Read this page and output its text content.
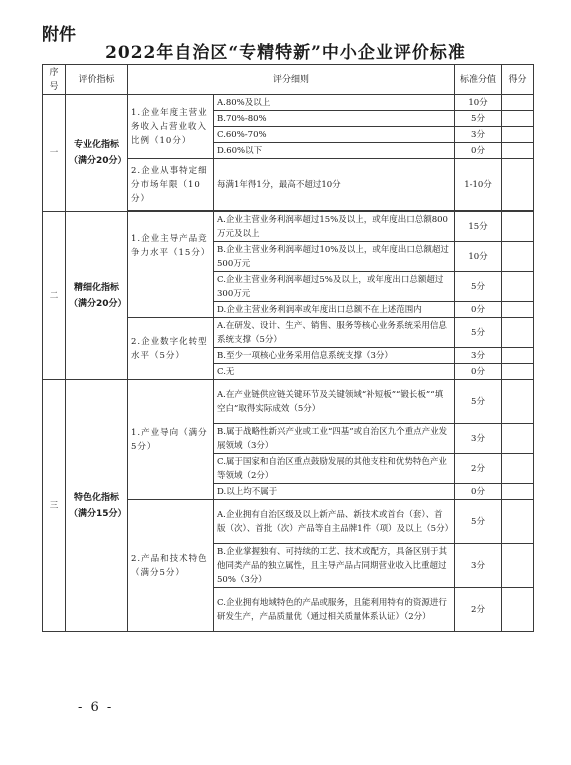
附件
2022年自治区“专精特新”中小企业评价标准
序号	评价指标	评分细则		标准分值	得分
一	专业化指标（满分20分）	1.企业年度主营业务收入占营业收入比例（10分）	A.80%及以上	10分	
			B.70%-80%	5分	
			C.60%-70%	3分	
			D.60%以下	0分	
		2.企业从事特定细分市场年限（10分）	每满1年得1分，最高不超过10分	1-10分	

二	精细化指标（满分20分）	1.企业主导产品竞争力水平（15分）	A.企业主营业务利润率超过15%及以上，或年度出口总额800万元及以上	15分	
			B.企业主营业务利润率超过10%及以上，或年度出口总额超过500万元	10分	
			C.企业主营业务利润率超过5%及以上，或年度出口总额超过300万元	5分	
			D.企业主营业务利润率或年度出口总额不在上述范围内	0分	
		2.企业数字化转型水平（5分）	A.在研发、设计、生产、销售、服务等核心业务系统采用信息系统支撑（5分）	5分	
			B.至少一项核心业务采用信息系统支撑（3分）	3分	
			C.无	0分	
三	特色化指标（满分15分）	1.产业导向（满分5分）	A.在产业链供应链关键环节及关键领域“补短板”“锻长板”“填空白”取得实际成效（5分）	5分	
			B.属于战略性新兴产业或工业“四基”或自治区九个重点产业发展领域（3分）	3分	
			C.属于国家和自治区重点鼓励发展的其他支柱和优势特色产业等领域（2分）	2分	
			D.以上均不属于	0分	
		2.产品和技术特色（满分5分）	A.企业拥有自治区级及以上新产品、新技术或首台（套）、首版（次）、首批（次）产品等自主品牌1件（项）及以上（5分）	5分	
			B.企业掌握独有、可持续的工艺、技术或配方，具备区别于其他同类产品的独立属性，且主导产品占同期营业收入比重超过50%（3分）	3分	
			C.企业拥有地域特色的产品或服务，且能利用特有的资源进行研发生产，产品质量优（通过相关质量体系认证）（2分）	2分	
- 6 -
